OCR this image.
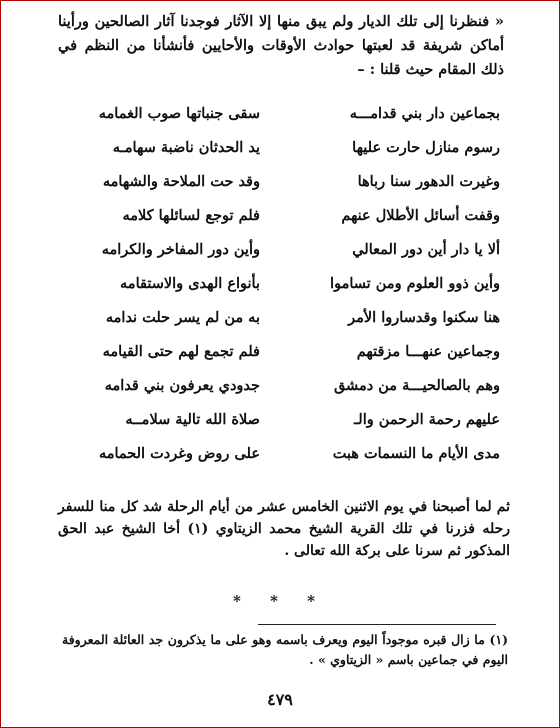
« فنظرنا إلى تلك الديار ولم يبق منها إلا الآثار فوجدنا آثار الصالحين ورأينا أماكن شريفة قد لعبتها حوادث الأوقات والأحايين فأنشأنا من النظم في ذلك المقام حيث قلنا : –
بجماعين دار بني قدامـــه
سقى جنباتها صوب الغمامه
رسوم منازل حارت عليها
يد الحدثان ناضبة سهامـه
وغيرت الدهور سنا رباها
وقد حت الملاحة والشهامه
وقفت أسائل الأطلال عنهم
فلم توجع لسائلها كلامه
ألا يا دار أين دور المعالي
وأين دور المفاخر والكرامه
وأين ذوو العلوم ومن تساموا
بأنواع الهدى والاستقامه
هنا سكنوا وقدساروا الأمر
به من لم يسر حلت ندامه
وجماعين عنهـــا مزقتهم
فلم تجمع لهم حتى القيامه
وهم بالصالحيـــة من دمشق
جدودي يعرفون بني قدامه
عليهم رحمة الرحمن والـ
صلاة الله تالية سلامــه
مدى الأيام ما النسمات هبت
على روض وغردت الحمامه
ثم لما أصبحنا في يوم الاثنين الخامس عشر من أيام الرحلة شد كل منا للسفر رحله فزرنا في تلك القرية الشيخ محمد الزيتاوي (١) أخا الشيخ عبد الحق المذكور ثم سرنا على بركة الله تعالى .
* * *
(١) ما زال قبره موجوداً اليوم ويعرف باسمه وهو على ما يذكرون جد العائلة المعروفة اليوم في جماعين باسم « الزيتاوي » .
٤٧٩
